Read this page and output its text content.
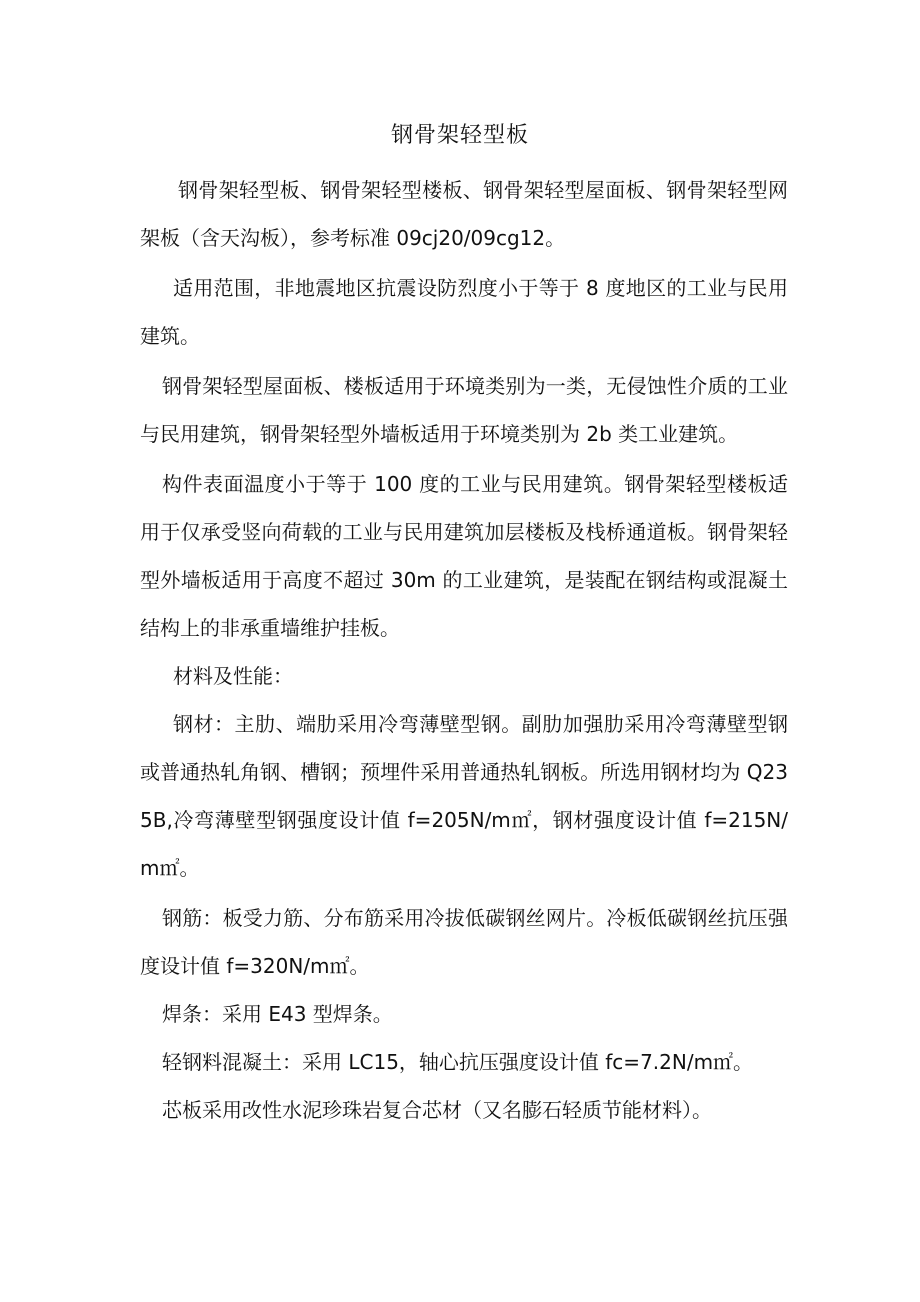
钢骨架轻型板

钢骨架轻型板、钢骨架轻型楼板、钢骨架轻型屋面板、钢骨架轻型网架板（含天沟板），参考标准 09cj20/09cg12。

适用范围，非地震地区抗震设防烈度小于等于 8 度地区的工业与民用建筑。

钢骨架轻型屋面板、楼板适用于环境类别为一类，无侵蚀性介质的工业与民用建筑，钢骨架轻型外墙板适用于环境类别为 2b 类工业建筑。

构件表面温度小于等于 100 度的工业与民用建筑。钢骨架轻型楼板适用于仅承受竖向荷载的工业与民用建筑加层楼板及栈桥通道板。钢骨架轻型外墙板适用于高度不超过 30m 的工业建筑，是装配在钢结构或混凝土结构上的非承重墙维护挂板。

材料及性能：

钢材：主肋、端肋采用冷弯薄壁型钢。副肋加强肋采用冷弯薄壁型钢或普通热轧角钢、槽钢；预埋件采用普通热轧钢板。所选用钢材均为 Q235B,冷弯薄壁型钢强度设计值 f=205N/m㎡，钢材强度设计值 f=215N/m㎡。

钢筋：板受力筋、分布筋采用冷拔低碳钢丝网片。冷板低碳钢丝抗压强度设计值 f=320N/m㎡。

焊条：采用 E43 型焊条。

轻钢料混凝土：采用 LC15，轴心抗压强度设计值 fc=7.2N/m㎡。

芯板采用改性水泥珍珠岩复合芯材（又名膨石轻质节能材料）。
